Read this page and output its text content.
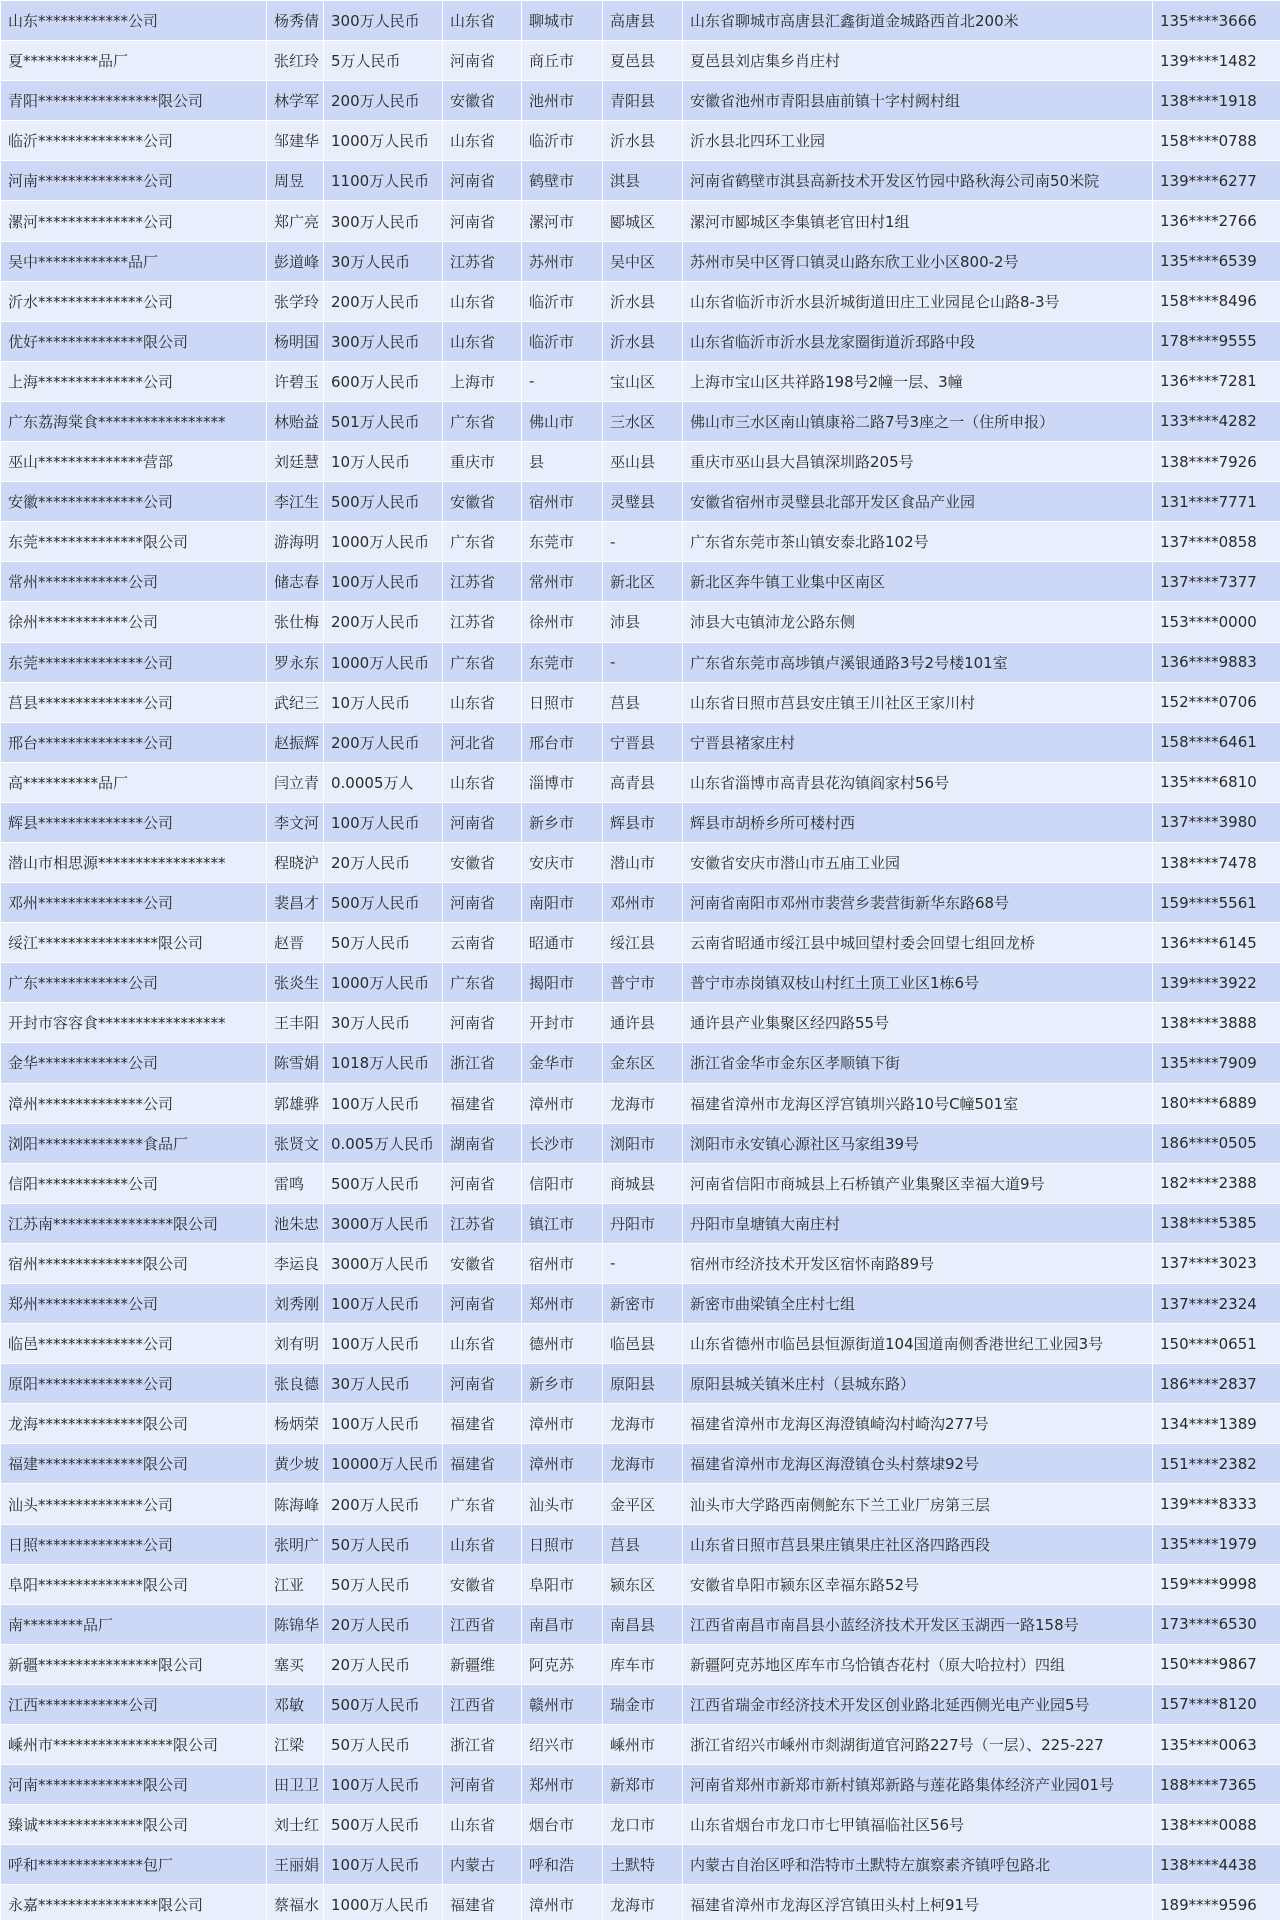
山东************公司	杨秀倩	300万人民币	山东省	聊城市	高唐县	山东省聊城市高唐县汇鑫街道金城路西首北200米	135****3666
夏**********品厂	张红玲	5万人民币	河南省	商丘市	夏邑县	夏邑县刘店集乡肖庄村	139****1482
青阳****************限公司	林学军	200万人民币	安徽省	池州市	青阳县	安徽省池州市青阳县庙前镇十字村阙村组	138****1918
临沂**************公司	邹建华	1000万人民币	山东省	临沂市	沂水县	沂水县北四环工业园	158****0788
河南**************公司	周昱	1100万人民币	河南省	鹤壁市	淇县	河南省鹤壁市淇县高新技术开发区竹园中路秋海公司南50米院	139****6277
漯河**************公司	郑广亮	300万人民币	河南省	漯河市	郾城区	漯河市郾城区李集镇老官田村1组	136****2766
吴中************品厂	彭道峰	30万人民币	江苏省	苏州市	吴中区	苏州市吴中区胥口镇灵山路东欣工业小区800-2号	135****6539
沂水**************公司	张学玲	200万人民币	山东省	临沂市	沂水县	山东省临沂市沂水县沂城街道田庄工业园昆仑山路8-3号	158****8496
优好**************限公司	杨明国	300万人民币	山东省	临沂市	沂水县	山东省临沂市沂水县龙家圈街道沂邳路中段	178****9555
上海**************公司	许碧玉	600万人民币	上海市	-	宝山区	上海市宝山区共祥路198号2幢一层、3幢	136****7281
广东荔海棠食*****************	林贻益	501万人民币	广东省	佛山市	三水区	佛山市三水区南山镇康裕二路7号3座之一（住所申报）	133****4282
巫山**************营部	刘廷慧	10万人民币	重庆市	县	巫山县	重庆市巫山县大昌镇深圳路205号	138****7926
安徽**************公司	李江生	500万人民币	安徽省	宿州市	灵璧县	安徽省宿州市灵璧县北部开发区食品产业园	131****7771
东莞**************限公司	游海明	1000万人民币	广东省	东莞市	-	广东省东莞市茶山镇安泰北路102号	137****0858
常州************公司	储志春	100万人民币	江苏省	常州市	新北区	新北区奔牛镇工业集中区南区	137****7377
徐州************公司	张仕梅	200万人民币	江苏省	徐州市	沛县	沛县大屯镇沛龙公路东侧	153****0000
东莞**************公司	罗永东	1000万人民币	广东省	东莞市	-	广东省东莞市高埗镇卢溪银通路3号2号楼101室	136****9883
莒县**************公司	武纪三	10万人民币	山东省	日照市	莒县	山东省日照市莒县安庄镇王川社区王家川村	152****0706
邢台**************公司	赵振辉	200万人民币	河北省	邢台市	宁晋县	宁晋县褚家庄村	158****6461
高**********品厂	闫立青	0.0005万人	山东省	淄博市	高青县	山东省淄博市高青县花沟镇阎家村56号	135****6810
辉县**************公司	李文河	100万人民币	河南省	新乡市	辉县市	辉县市胡桥乡所可楼村西	137****3980
潜山市相思源*****************	程晓沪	20万人民币	安徽省	安庆市	潜山市	安徽省安庆市潜山市五庙工业园	138****7478
邓州**************公司	裴昌才	500万人民币	河南省	南阳市	邓州市	河南省南阳市邓州市裴营乡裴营街新华东路68号	159****5561
绥江****************限公司	赵晋	50万人民币	云南省	昭通市	绥江县	云南省昭通市绥江县中城回望村委会回望七组回龙桥	136****6145
广东************公司	张炎生	1000万人民币	广东省	揭阳市	普宁市	普宁市赤岗镇双枝山村红土顶工业区1栋6号	139****3922
开封市容容食*****************	王丰阳	30万人民币	河南省	开封市	通许县	通许县产业集聚区经四路55号	138****3888
金华************公司	陈雪娟	1018万人民币	浙江省	金华市	金东区	浙江省金华市金东区孝顺镇下街	135****7909
漳州**************公司	郭雄骅	100万人民币	福建省	漳州市	龙海市	福建省漳州市龙海区浮宫镇圳兴路10号C幢501室	180****6889
浏阳**************食品厂	张贤文	0.005万人民币	湖南省	长沙市	浏阳市	浏阳市永安镇心源社区马家组39号	186****0505
信阳************公司	雷鸣	500万人民币	河南省	信阳市	商城县	河南省信阳市商城县上石桥镇产业集聚区幸福大道9号	182****2388
江苏南****************限公司	池朱忠	3000万人民币	江苏省	镇江市	丹阳市	丹阳市皇塘镇大南庄村	138****5385
宿州**************限公司	李运良	3000万人民币	安徽省	宿州市	-	宿州市经济技术开发区宿怀南路89号	137****3023
郑州************公司	刘秀刚	100万人民币	河南省	郑州市	新密市	新密市曲梁镇全庄村七组	137****2324
临邑**************公司	刘有明	100万人民币	山东省	德州市	临邑县	山东省德州市临邑县恒源街道104国道南侧香港世纪工业园3号	150****0651
原阳**************公司	张良德	30万人民币	河南省	新乡市	原阳县	原阳县城关镇米庄村（县城东路）	186****2837
龙海**************限公司	杨炳荣	100万人民币	福建省	漳州市	龙海市	福建省漳州市龙海区海澄镇崎沟村崎沟277号	134****1389
福建**************限公司	黄少坡	10000万人民币	福建省	漳州市	龙海市	福建省漳州市龙海区海澄镇仓头村蔡埭92号	151****2382
汕头**************公司	陈海峰	200万人民币	广东省	汕头市	金平区	汕头市大学路西南侧鮀东下兰工业厂房第三层	139****8333
日照**************公司	张明广	50万人民币	山东省	日照市	莒县	山东省日照市莒县果庄镇果庄社区洛四路西段	135****1979
阜阳**************限公司	江亚	50万人民币	安徽省	阜阳市	颍东区	安徽省阜阳市颍东区幸福东路52号	159****9998
南********品厂	陈锦华	20万人民币	江西省	南昌市	南昌县	江西省南昌市南昌县小蓝经济技术开发区玉湖西一路158号	173****6530
新疆****************限公司	塞买	20万人民币	新疆维	阿克苏	库车市	新疆阿克苏地区库车市乌恰镇杏花村（原大哈拉村）四组	150****9867
江西************公司	邓敏	500万人民币	江西省	赣州市	瑞金市	江西省瑞金市经济技术开发区创业路北延西侧光电产业园5号	157****8120
嵊州市****************限公司	江梁	50万人民币	浙江省	绍兴市	嵊州市	浙江省绍兴市嵊州市剡湖街道官河路227号（一层）、225-227	135****0063
河南**************限公司	田卫卫	100万人民币	河南省	郑州市	新郑市	河南省郑州市新郑市新村镇郑新路与莲花路集体经济产业园01号	188****7365
臻诚**************限公司	刘士红	500万人民币	山东省	烟台市	龙口市	山东省烟台市龙口市七甲镇福临社区56号	138****0088
呼和**************包厂	王丽娟	100万人民币	内蒙古	呼和浩	土默特	内蒙古自治区呼和浩特市土默特左旗察素齐镇呼包路北	138****4438
永嘉****************限公司	蔡福水	1000万人民币	福建省	漳州市	龙海市	福建省漳州市龙海区浮宫镇田头村上柯91号	189****9596
